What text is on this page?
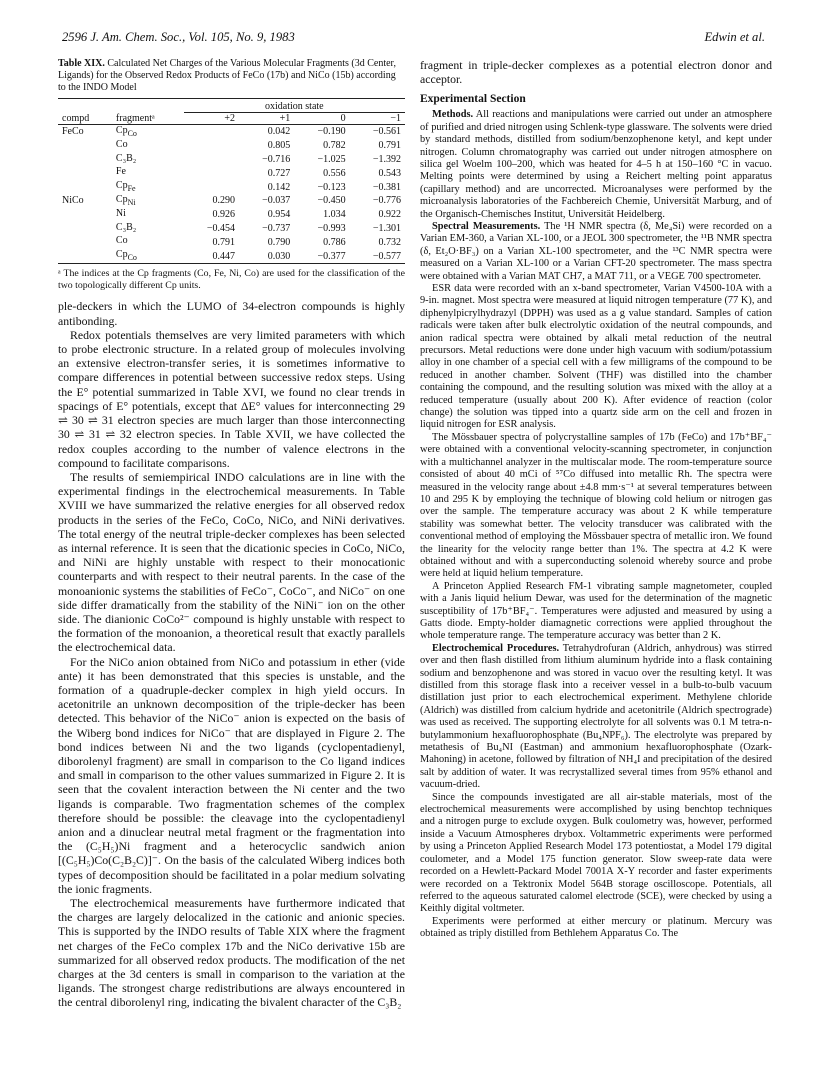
2596 J. Am. Chem. Soc., Vol. 105, No. 9, 1983	Edwin et al.
Table XIX. Calculated Net Charges of the Various Molecular Fragments (3d Center, Ligands) for the Observed Redox Products of FeCo (17b) and NiCo (15b) according to the INDO Model
		oxidation state			
compd	fragmentᵃ	+2	+1	0	−1
FeCo	$Cp_{Co}$		0.042	−0.190	−0.561
	Co		0.805	0.782	0.791
	C₃B₂		−0.716	−1.025	−1.392
	Fe		0.727	0.556	0.543
	$Cp_{Fe}$		0.142	−0.123	−0.381
NiCo	$Cp_{Ni}$	0.290	−0.037	−0.450	−0.776
	Ni	0.926	0.954	1.034	0.922
	C₃B₂	−0.454	−0.737	−0.993	−1.301
	Co	0.791	0.790	0.786	0.732
	$Cp_{Co}$	0.447	0.030	−0.377	−0.577
ᵃ The indices at the Cp fragments (Co, Fe, Ni, Co) are used for the classification of the two topologically different Cp units.

ple-deckers in which the LUMO of 34-electron compounds is highly antibonding.

Redox potentials themselves are very limited parameters with which to probe electronic structure. In a related group of molecules involving an extensive electron-transfer series, it is sometimes informative to compare differences in potential between successive redox steps. Using the E° potential summarized in Table XVI, we found no clear trends in spacings of E° potentials, except that ΔE° values for interconnecting 29 ⇌ 30 ⇌ 31 electron species are much larger than those interconnecting 30 ⇌ 31 ⇌ 32 electron species. In Table XVII, we have collected the redox couples according to the number of valence electrons in the compound to facilitate comparisons.

The results of semiempirical INDO calculations are in line with the experimental findings in the electrochemical measurements. In Table XVIII we have summarized the relative energies for all observed redox products in the series of the FeCo, CoCo, NiCo, and NiNi derivatives. The total energy of the neutral triple-decker complexes has been selected as internal reference. It is seen that the dicationic species in CoCo, NiCo, and NiNi are highly unstable with respect to their monocationic counterparts and with respect to their neutral parents. In the case of the monoanionic systems the stabilities of FeCo⁻, CoCo⁻, and NiCo⁻ on one side differ dramatically from the stability of the NiNi⁻ ion on the other side. The dianionic CoCo²⁻ compound is highly unstable with respect to the formation of the monoanion, a theoretical result that exactly parallels the electrochemical data.

For the NiCo anion obtained from NiCo and potassium in ether (vide ante) it has been demonstrated that this species is unstable, and the formation of a quadruple-decker complex in high yield occurs. In acetonitrile an unknown decomposition of the triple-decker has been detected. This behavior of the NiCo⁻ anion is expected on the basis of the Wiberg bond indices for NiCo⁻ that are displayed in Figure 2. The bond indices between Ni and the two ligands (cyclopentadienyl, diborolenyl fragment) are small in comparison to the Co ligand indices and small in comparison to the other values summarized in Figure 2. It is seen that the covalent interaction between the Ni center and the two ligands is comparable. Two fragmentation schemes of the complex therefore should be possible: the cleavage into the cyclopentadienyl anion and a dinuclear neutral metal fragment or the fragmentation into the (C₅H₅)Ni fragment and a heterocyclic sandwich anion [(C₅H₅)Co(C₂B₂C)]⁻. On the basis of the calculated Wiberg indices both types of decomposition should be facilitated in a polar medium solvating the ionic fragments.

The electrochemical measurements have furthermore indicated that the charges are largely delocalized in the cationic and anionic species. This is supported by the INDO results of Table XIX where the fragment net charges of the FeCo complex 17b and the NiCo derivative 15b are summarized for all observed redox products. The modification of the net charges at the 3d centers is small in comparison to the variation at the ligands. The strongest charge redistributions are always encountered in the central diborolenyl ring, indicating the bivalent character of the C₃B₂

fragment in triple-decker complexes as a potential electron donor and acceptor.

Experimental Section

Methods. All reactions and manipulations were carried out under an atmosphere of purified and dried nitrogen using Schlenk-type glassware. The solvents were dried by standard methods, distilled from sodium/benzophenone ketyl, and kept under nitrogen. Column chromatography was carried out under nitrogen atmosphere on silica gel Woelm 100–200, which was heated for 4–5 h at 150–160 °C in vacuo. Melting points were determined by using a Reichert melting point apparatus (capillary method) and are uncorrected. Microanalyses were performed by the microanalysis laboratories of the Fachbereich Chemie, Universität Marburg, and of the Organisch-Chemisches Institut, Universität Heidelberg.

Spectral Measurements. The ¹H NMR spectra (δ, Me₄Si) were recorded on a Varian EM-360, a Varian XL-100, or a JEOL 300 spectrometer, the ¹¹B NMR spectra (δ, Et₂O·BF₃) on a Varian XL-100 spectrometer, and the ¹³C NMR spectra were measured on a Varian XL-100 or a Varian CFT-20 spectrometer. The mass spectra were obtained with a Varian MAT CH7, a MAT 711, or a VEGE 700 spectrometer.

ESR data were recorded with an x-band spectrometer, Varian V4500-10A with a 9-in. magnet. Most spectra were measured at liquid nitrogen temperature (77 K), and diphenylpicrylhydrazyl (DPPH) was used as a g value standard. Samples of cation radicals were taken after bulk electrolytic oxidation of the neutral compounds, and anion radical spectra were obtained by alkali metal reduction of the neutral precursors. Metal reductions were done under high vacuum with sodium/potassium alloy in one chamber of a special cell with a few milligrams of the compound to be reduced in another chamber. Solvent (THF) was distilled into the chamber containing the compound, and the resulting solution was mixed with the alloy at a reduced temperature (usually about 200 K). After evidence of reaction (color change) the solution was tipped into a quartz side arm on the cell and frozen in liquid nitrogen for ESR analysis.

The Mössbauer spectra of polycrystalline samples of 17b (FeCo) and 17b⁺BF₄⁻ were obtained with a conventional velocity-scanning spectrometer, in conjunction with a multichannel analyzer in the multiscalar mode. The room-temperature source consisted of about 40 mCi of ⁵⁷Co diffused into metallic Rh. The spectra were measured in the velocity range about ±4.8 mm·s⁻¹ at several temperatures between 10 and 295 K by employing the technique of blowing cold helium or nitrogen gas over the sample. The temperature accuracy was about 2 K while temperature stability was somewhat better. The velocity transducer was calibrated with the conventional method of employing the Mössbauer spectra of metallic iron. We found the linearity for the velocity range better than 1%. The spectra at 4.2 K were obtained without and with a superconducting solenoid whereby source and probe were held at liquid helium temperature.

A Princeton Applied Research FM-1 vibrating sample magnetometer, coupled with a Janis liquid helium Dewar, was used for the determination of the magnetic susceptibility of 17b⁺BF₄⁻. Temperatures were adjusted and measured by using a Gatts diode. Empty-holder diamagnetic corrections were applied throughout the whole temperature range. The temperature accuracy was better than 2 K.

Electrochemical Procedures. Tetrahydrofuran (Aldrich, anhydrous) was stirred over and then flash distilled from lithium aluminum hydride into a flask containing sodium and benzophenone and was stored in vacuo over the resulting ketyl. It was distilled from this storage flask into a receiver vessel in a bulb-to-bulb vacuum distillation just prior to each electrochemical experiment. Methylene chloride (Aldrich) was distilled from calcium hydride and acetonitrile (Aldrich spectrograde) was used as received. The supporting electrolyte for all solvents was 0.1 M tetra-n-butylammonium hexafluorophosphate (Bu₄NPF₆). The electrolyte was prepared by metathesis of Bu₄NI (Eastman) and ammonium hexafluorophosphate (Ozark-Mahoning) in acetone, followed by filtration of NH₄I and precipitation of the desired salt by addition of water. It was recrystallized several times from 95% ethanol and vacuum-dried.

Since the compounds investigated are all air-stable materials, most of the electrochemical measurements were accomplished by using benchtop techniques and a nitrogen purge to exclude oxygen. Bulk coulometry was, however, performed inside a Vacuum Atmospheres drybox. Voltammetric experiments were performed by using a Princeton Applied Research Model 173 potentiostat, a Model 179 digital coulometer, and a Model 175 function generator. Slow sweep-rate data were recorded on a Hewlett-Packard Model 7001A X-Y recorder and faster experiments were recorded on a Tektronix Model 564B storage oscilloscope. Potentials, all referred to the aqueous saturated calomel electrode (SCE), were checked by using a Keithly digital voltmeter.

Experiments were performed at either mercury or platinum. Mercury was obtained as triply distilled from Bethlehem Apparatus Co. The
